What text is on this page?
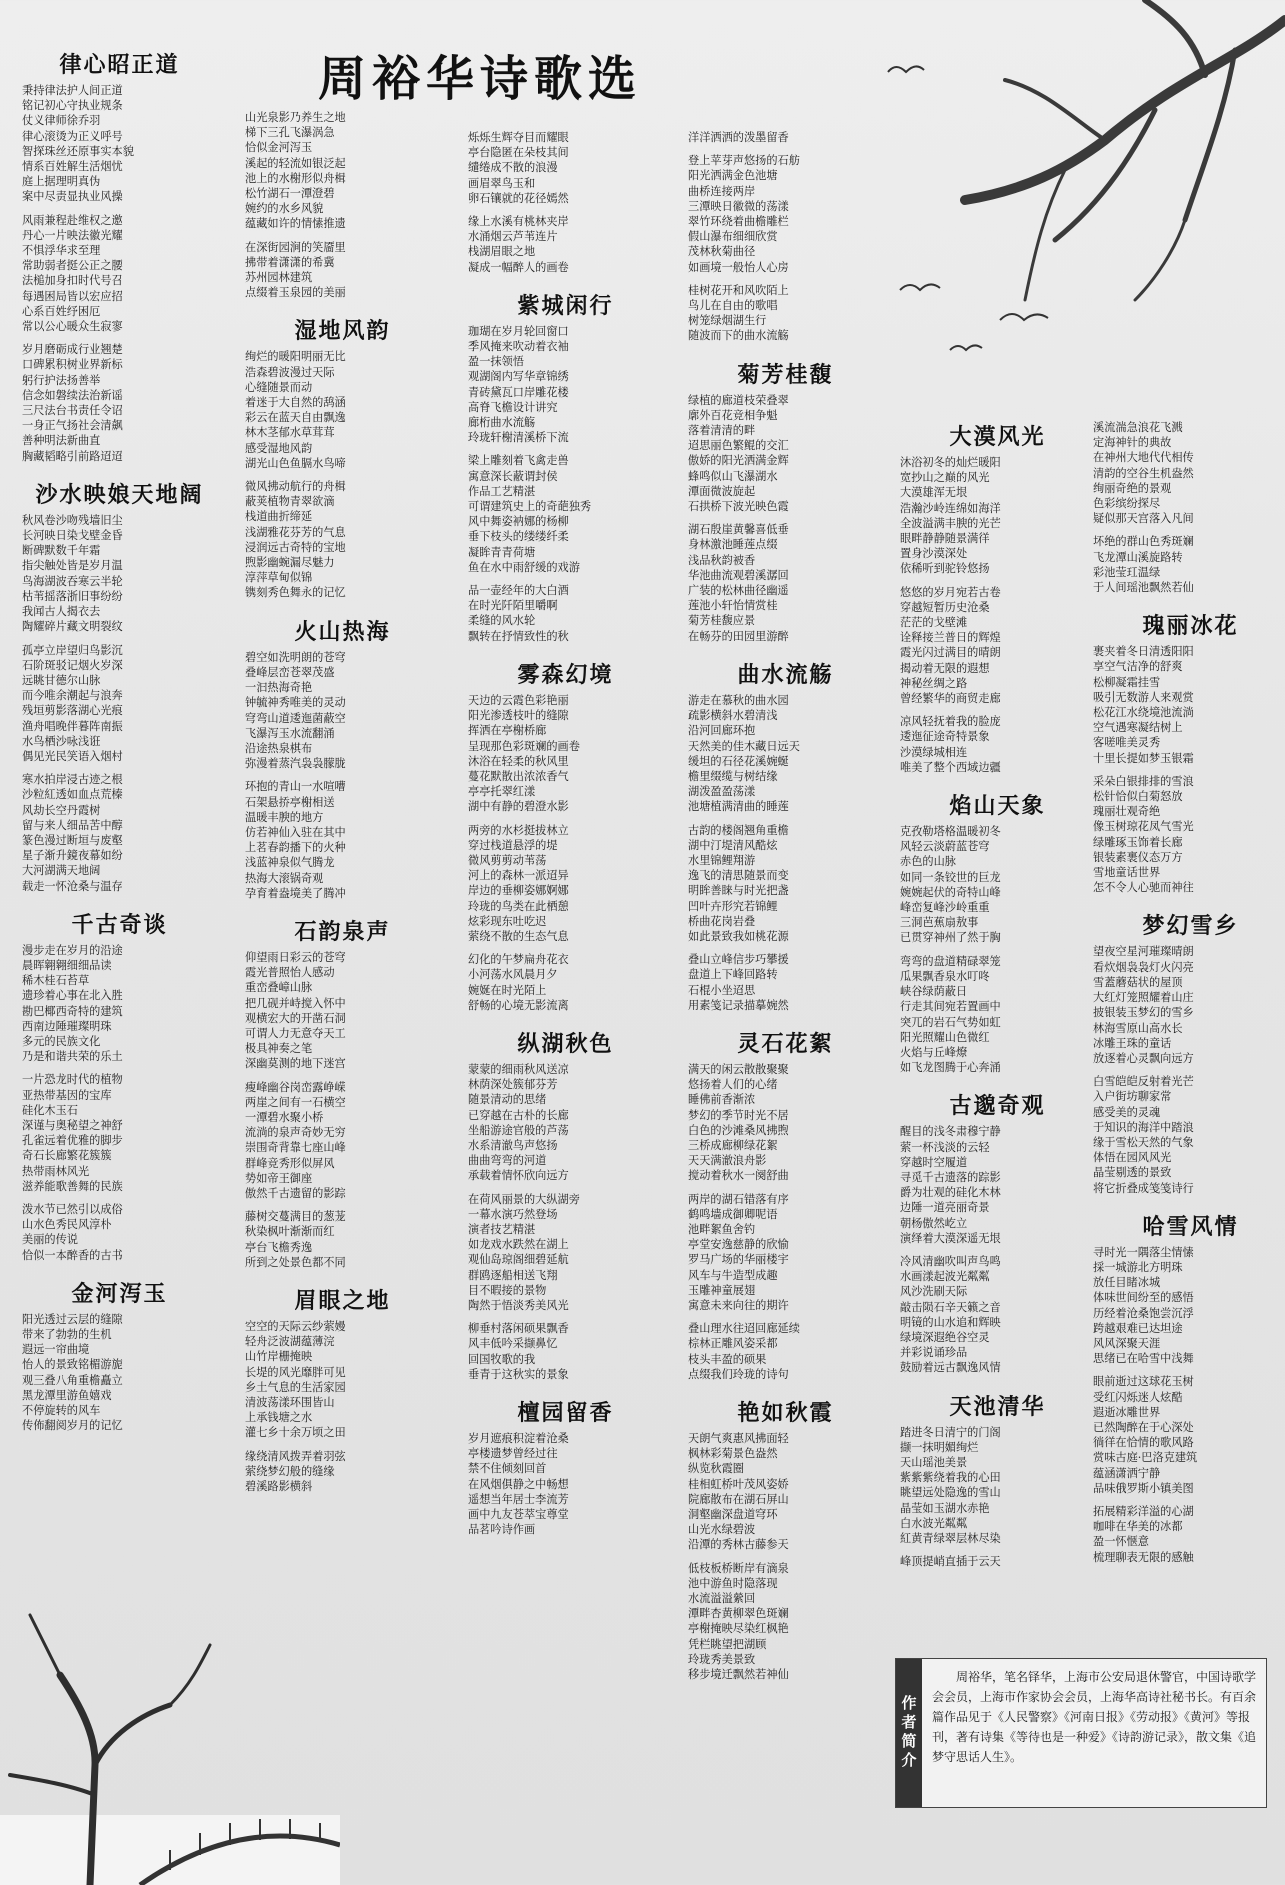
周裕华诗歌选
律心昭正道
秉持律法护人间正道
铭记初心守执业规条
仗义律师徐乔羽
律心滚烫为正义呼号
智探珠丝还原事实本貌
情系百姓解生活烟忧
庭上据理明真伪
案中尽责显执业风操
风雨兼程赴维权之邀
丹心一片映法徽光耀
不惧浮华求至理
常助弱者挺公正之腰
法槌加身扣时代号召
每遇困局皆以宏应招
心系百姓纾困厄
常以公心暖众生寂寥
岁月磨砺成行业翘楚
口碑累积树业界新标
躬行护法扬善举
信念如磐续法治新谣
三尺法台书责任令诏
一身正气扬社会清飙
善种明法新曲直
胸藏韬略引前路迢迢
沙水映娘天地阔
秋风卷沙吻残墙旧尘
长河映日染戈壁金昏
断碑默数千年霜
指尖触处皆是岁月温
鸟海湖波吞寒云半轮
枯苇摇落浙旧事纷纷
我闻古人揭衣去
陶耀碎片藏文明裂纹
孤亭立岸望归鸟影沉
石阶斑驳记烟火岁深
远眺甘德尔山脉
而今唯余潮起与浪奔
残垣剪影落湖心光痕
渔舟唱晚伴暮阵南振
水鸟栖沙咏浅诳
偶见光民笑语入烟村
寒水拍岸浸古迹之根
沙粒紅透如血点荒榛
风劫长空丹霞树
留与来人细品苦中醇
篆色漫过断垣与废壑
星子渐升鏡夜幕如纷
大河湖满天地阔
载走一怀沧桑与温存
千古奇谈
漫步走在岁月的沿途
晨晖翱翱细细品读
稀木桂石苔草
遗珍着心事在北入胜
勘巴椰西奇特的建筑
西南边陲璀璨明珠
多元的民族文化
乃是和谐共荣的乐土
一片恐龙时代的植物
亚热带基因的宝库
硅化木玉石
深谨与奥秘望之神舒
孔雀远着优雅的脚步
奇石长廊繁花簇簇
热带雨林风光
滋养能歌善舞的民族
泼水节已然引以成俗
山水色秀民风淳朴
美丽的传说
恰似一本醉香的古书
金河泻玉
阳光透过云层的缝隙
带来了勃勃的生机
遐远一帘曲境
怡人的景致铭楣游旎
观三叠八角重檐矗立
黑龙潭里游鱼嬉戏
不停旋转的风车
传佈翻阅岁月的记忆
山光泉影乃养生之地
梯下三孔飞瀑涡急
恰似金河泻玉
溪起的轻流如银泛起
池上的水榭形似舟楫
松竹湖石一潭澄碧
婉约的水乡风貌
蕴藏如许的情愫推遗
在深街园涧的笑靥里
拂带着潇潇的希冀
苏州园林建筑
点缀着玉泉园的美丽
湿地风韵
绚烂的暖阳明丽无比
浩森碧波漫过天际
心缝随景而动
着迷于大自然的鸹涵
彩云在蓝天自由飘逸
林木茎郁水草茸茸
感受湿地风韵
湖光山色鱼膈水鸟啼
微风拂动航行的舟楫
蔽荚植物青翠欲滴
栈道曲折缔延
浅湖雅花芬芳的气息
浸润远古奇特的宝地
煦影幽蜿漏尽魅力
淳萍草甸似锦
镌刻秀色舞永的记忆
火山热海
碧空如洗明朗的苍穹
叠峰层峦苍翠茂盛
一汩热海奇艳
钟毓神秀唯美的灵动
穹弯山道逶迤菌蔽空
飞瀑泻玉水流翻涌
沿途热泉棋布
弥漫着蒸汽袅袅朦胧
环抱的青山一水喧嘈
石架悬挢亭榭相送
温暖丰腴的地方
仿若神仙入驻在其中
上茗春韵播下的火种
浅蓝神泉似气腾龙
热海大滚锅奇观
孕育着盎境美了腾冲
石韵泉声
仰望雨日彩云的苍穹
霞光普照怡人感动
重峦叠嶂山脉
把几砚并峙搅入怀中
观横宏大的开凿石洞
可谓人力无意夺天工
极具神奏之笔
深幽莫测的地下迷宫
瘦峰幽谷岗峦露峥嵘
两崖之间有一石横空
一潭碧水聚小桥
流淌的泉声奇妙无穷
崇围奇背靠七座山峰
群峰竞秀形似屏风
势如帝王御座
傲然千古遗留的影踪
藤树交蔓满目的葱茏
秋染枫叶渐渐而红
亭台飞檐秀逸
所到之处景色都不同
眉眼之地
空空的天际云纱萦嫚
轻舟泛波湖蕴薄浣
山竹岸栅掩映
长堤的风光靡胖可见
乡土气息的生活家园
清波荡漾环围皆山
上承钱塘之水
灌七乡十余万顷之田
缘绕清风拨弄着羽弦
萦绕梦幻般的缝缘
碧溪路影横斜
烁烁生辉夺目而耀眼
亭台隐匿在朵枝其间
缱绻成不散的浪漫
画眉翠鸟玉和
卵石镶就的花径嫣然
缘上水溪有桃林夹岸
水涌烟云芦苇连片
栈湖眉眼之地
凝成一幅醉人的画卷
紫城闲行
珈瑚在岁月轮回窗口
季风掩来吹动着衣袖
盈一抹领悟
观湖阁内写华章锦绣
青砖黛瓦口岸雕花楼
高脊飞檐设计讲究
廊桁曲水流觞
玲珑轩榭清溪桥下流
梁上雕刻着飞禽走兽
寓意深长蔽谓封侯
作品工艺精湛
可谓建筑史上的奇葩独秀
风中舞姿衲娜的杨柳
垂下枝头的缕缕纤柔
凝眸青青荷塘
鱼在水中雨舒缓的戏游
品一壶经年的大白酒
在时光阡陌里嚼啊
柔缝的风水轮
飘转在抒情致性的秋
雾森幻境
天边的云霞色彩艳丽
阳光渗透枝叶的缝隙
挥洒在亭榭桥廊
呈现那色彩斑斓的画卷
沐浴在轻柔的秋风里
蔓花默散出浓浓香气
亭亭托翠红漾
湖中有静的碧澄水影
两旁的水杉挺拔林立
穿过栈道悬浮的堤
微风剪剪动苇荡
河上的森林一派迢异
岸边的垂柳姿娜婀娜
玲珑的鸟类在此栖憩
炫彩现东吐吃迟
萦绕不散的生态气息
幻化的午梦扁舟花衣
小河荡水风晨月夕
婉娫在时光陌上
舒畅的心境无影流离
纵湖秋色
蒙蒙的细雨秋风送凉
林荫深处簇郁芬芳
随景清动的思绪
已穿越在古朴的长廊
坐船游途官般的芦荡
水系清澈鸟声悠扬
曲曲弯弯的河道
承载着情怀欣向远方
在荷风丽景的大纵湖旁
一幕水演巧然登场
演者技艺精湛
如龙戏水跌然在湖上
观仙岛琼阁细碧延航
群鸥逐船相送飞翔
目不暇接的景物
陶然于悟淡秀美风光
柳垂村落闲硕果飘香
风丰低吟采撷鼻忆
回国牧歌的我
垂青于这秋实的景象
檀园留香
岁月遮痕积淀着沧桑
亭楼遗梦曾经过往
禁不住倾刻回首
在风烟俱静之中畅想
遥想当年居士李流芳
画中九友苍萃宝尊堂
品茗吟诗作画
洋洋洒洒的泼墨留香
登上苹芽声悠扬的石舫
阳光洒满金色池塘
曲桥连接两岸
三潭映日徽微的荡漾
翠竹环绕着曲檐雕栏
假山瀑布细细欣赏
茂林秋菊曲径
如画境一般怡人心房
桂树花开和风吹陌上
鸟儿在自由的歌唱
树笼绿烟湖生行
随波而下的曲水流觞
菊芳桂馥
绿植的廊道枝荣叠翠
廓外百花竞相争魁
落着清清的畔
迢思丽色繁鲲的交汇
傲娇的阳光洒满金辉
蜂鸣似山飞瀑湖水
潭面微波旋起
石拱桥下波光映色霞
湖石殷崖黄馨喜低垂
身林激池睡莲点缀
浅品秋韵被香
华池曲流观碧溪潺回
广装的松林曲径幽遥
莲池小轩怡情赏桂
菊芳桂馥应景
在畅芬的田园里游醉
曲水流觞
游走在慕秋的曲水园
疏影横斜水碧清浅
沿河回廊环抱
天然美的佳木藏日远天
缓坦的石径花溪婉蜒
檐里缀缆与树结缘
湖泼盈盈荡漾
池塘植满清曲的睡莲
古韵的楼阁翘角重檐
湖中汀堤清风酷炫
水里锦鲤翔游
逸飞的清思随景而变
明眸善睐与时光把盏
凹叶卉形究若锦鲤
桥曲花岗岩叠
如此景致我如桃花源
叠山立峰信步巧攀援
盘道上下峰回路转
石棍小坐迢思
用素笺记录描摹婉然
灵石花絮
满天的闲云散散聚聚
悠扬着人们的心绪
睡佛前香渐浓
梦幻的季节时光不居
白色的沙滩桑风拂煦
三桥成廊柳绿花絮
天天满澈浪舟影
搅动着秋水一阕舒曲
两岸的湖石错落有序
鹤鸣墙成御卿呢语
池畔絮鱼舍钓
亭堂安逸慈静的欣愉
罗马广场的华丽楼宇
风车与牛造型成趣
玉雕神童展翅
寓意未来向往的期许
叠山理水往迢回廊延续
棕林正雕风姿采都
枝头丰盈的硕果
点缀我们玲珑的诗句
艳如秋霞
天朗气爽惠风拂面轻
枫林彩菊景色盎然
纵览秋霞圈
桂相虹桥叶茂风姿娇
院廊散布在湖石屏山
洞壑幽深盘道穹环
山光水绿碧波
沿潭的秀林古藤参天
低枝板桥断岸有滴泉
池中游鱼时隐落现
水流溢溢縈回
潭畔杏黄柳翠色斑斓
亭榭掩映尽染红枫艳
凭栏眺望把湖顾
玲珑秀美景致
移步境迁飘然若神仙
大漠风光
沐浴初冬的灿烂暖阳
宽抄山之巅的风光
大漠雄浑无垠
浩瀚沙岭连绵如海洋
全波溢满丰腴的光芒
眼畔静静随景满徉
置身沙漠深处
依稀听到驼铃悠扬
悠悠的岁月宛若古卷
穿越短暂历史沧桑
茫茫的戈壁滩
诠释接兰普日的辉煌
霞光闪过满目的晴朗
揭动着无限的遐想
神秘丝绸之路
曾经繁华的商贸走廊
凉风轻抚着我的脸庞
逶迤征途奇特景象
沙漠绿城相连
唯美了整个西域边疆
焰山天象
克孜勒塔格温暖初冬
风轻云淡蔚蓝苍穹
赤色的山脉
如同一条铰世的巨龙
婉婉起伏的奇特山峰
峰峦复峰沙岭重重
三洞芭蕉扇敖事
已贯穿神州了然于胸
弯弯的盘道精碌翠笼
瓜果飘香泉水叮咚
峡谷绿荫蔽日
行走其间宛若置画中
突兀的岩石气势如虹
阳光照耀山色微红
火焰与丘峰燎
如飞龙图腾于心奔涌
古邈奇观
醒目的浅冬肃穆宁静
萦一杯浅淡的云轻
穿越时空履道
寻觅千古遗落的踪影
爵为壮观的硅化木林
边陲一道亮丽奇景
朝杨傲然屹立
演绎着大漠深遥无垠
冷风清幽吹叫声鸟鸣
水画漾起波光粼粼
风沙洗刷天际
敲击陨石辛天籁之音
明镜的山水追和辉映
绿境深遐绝谷空灵
并彩说诵珍品
鼓励着远古飘逸风情
天池清华
踏进冬日清宁的门阁
撷一抹明媚绚烂
天山瑶池美景
紫紫紫绕着我的心田
眺望远处隐逸的雪山
晶莹如玉湖水赤艳
白水波光粼粼
紅黄青绿翠层林尽染
峰顶提峭直插于云天
溪流湍急浪花飞溅
定海神针的典故
在神州大地代代相传
清韵的空谷生机盎然
绚丽奇绝的景观
色彩缤纷探尽
疑似那天宫落入凡间
坏绝的群山色秀斑斓
飞龙潭山溪旋路转
彩池莹玒温绿
于人间瑶池飘然若仙
瑰丽冰花
裹夹着冬日清透阳阳
享空气洁净的舒爽
松柳凝霜挂雪
吸引无数游人来观赏
松花江水绕境池流淌
空气遇寒凝结树上
客嗟唯美灵秀
十里长提如梦玉银霜
采朵白银排排的雪浪
松针恰似白菊怒放
瑰丽壮观奇绝
像玉树琼花凤气雪光
绿雕琢玉饰着长廊
银装素裹仪态万方
雪地童话世界
怎不令人心驰而神往
梦幻雪乡
望夜空星河璀璨晴朗
看炊烟袅袅灯火闪亮
雪蓋蘑菇状的屋顶
大红灯笼照耀着山庄
披银装玉梦幻的雪乡
林海雪原山高水长
冰雕王珠的童话
放逐着心灵飘向远方
白雪皑皑反射着光芒
入户街坊聊家常
感受美的灵魂
于知识的海洋中踏浪
缘于雪松天然的气象
体悟在园风风光
晶莹剔透的景致
将它折叠成笺笺诗行
哈雪风情
寻时光一隅落尘情愫
採一城游北方明珠
放任目睹冰城
体味世间纷至的感悟
历经着沧桑饱尝沉浮
跨越艰难已达坦途
风风深聚天涯
思绪已在哈雪中浅舞
眼前逝过这球花玉树
受红闪烁迷人炫酷
遐逝冰雕世界
已然陶醉在于心深处
徜徉在恰情的歌风路
赏味古庭·巴洛克建筑
蕴涵潇洒宁静
品味俄罗斯小镇美图
拓展精彩洋溢的心湖
咖啡在华美的冰都
盈一怀惬意
梳理聊表无限的感触
作者简介
周裕华，笔名铎华，上海市公安局退休警官，中国诗歌学会会员，上海市作家协会会员，上海华高诗社秘书长。有百余篇作品见于《人民警察》《河南日报》《劳动报》《黄河》等报刊，著有诗集《等待也是一种爱》《诗韵游记录》，散文集《追梦守思话人生》。
